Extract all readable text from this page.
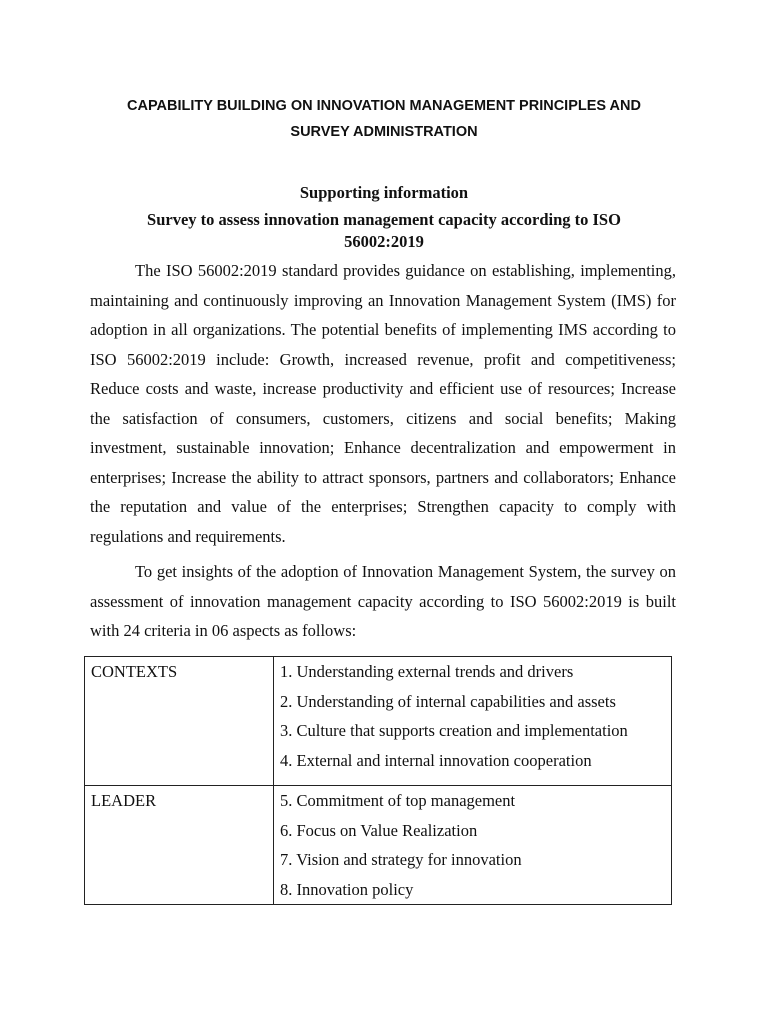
CAPABILITY BUILDING ON INNOVATION MANAGEMENT PRINCIPLES AND
SURVEY ADMINISTRATION
Supporting information
Survey to assess innovation management capacity according to ISO
56002:2019

The ISO 56002:2019 standard provides guidance on establishing, implementing, maintaining and continuously improving an Innovation Management System (IMS) for adoption in all organizations. The potential benefits of implementing IMS according to ISO 56002:2019 include: Growth, increased revenue, profit and competitiveness; Reduce costs and waste, increase productivity and efficient use of resources; Increase the satisfaction of consumers, customers, citizens and social benefits; Making investment, sustainable innovation; Enhance decentralization and empowerment in enterprises; Increase the ability to attract sponsors, partners and collaborators; Enhance the reputation and value of the enterprises; Strengthen capacity to comply with regulations and requirements.

To get insights of the adoption of Innovation Management System, the survey on assessment of innovation management capacity according to ISO 56002:2019 is built with 24 criteria in 06 aspects as follows:

CONTEXTS	1. Understanding external trends and drivers
2. Understanding of internal capabilities and assets
3. Culture that supports creation and implementation
4. External and internal innovation cooperation

LEADER	5. Commitment of top management
6. Focus on Value Realization
7. Vision and strategy for innovation
8. Innovation policy
